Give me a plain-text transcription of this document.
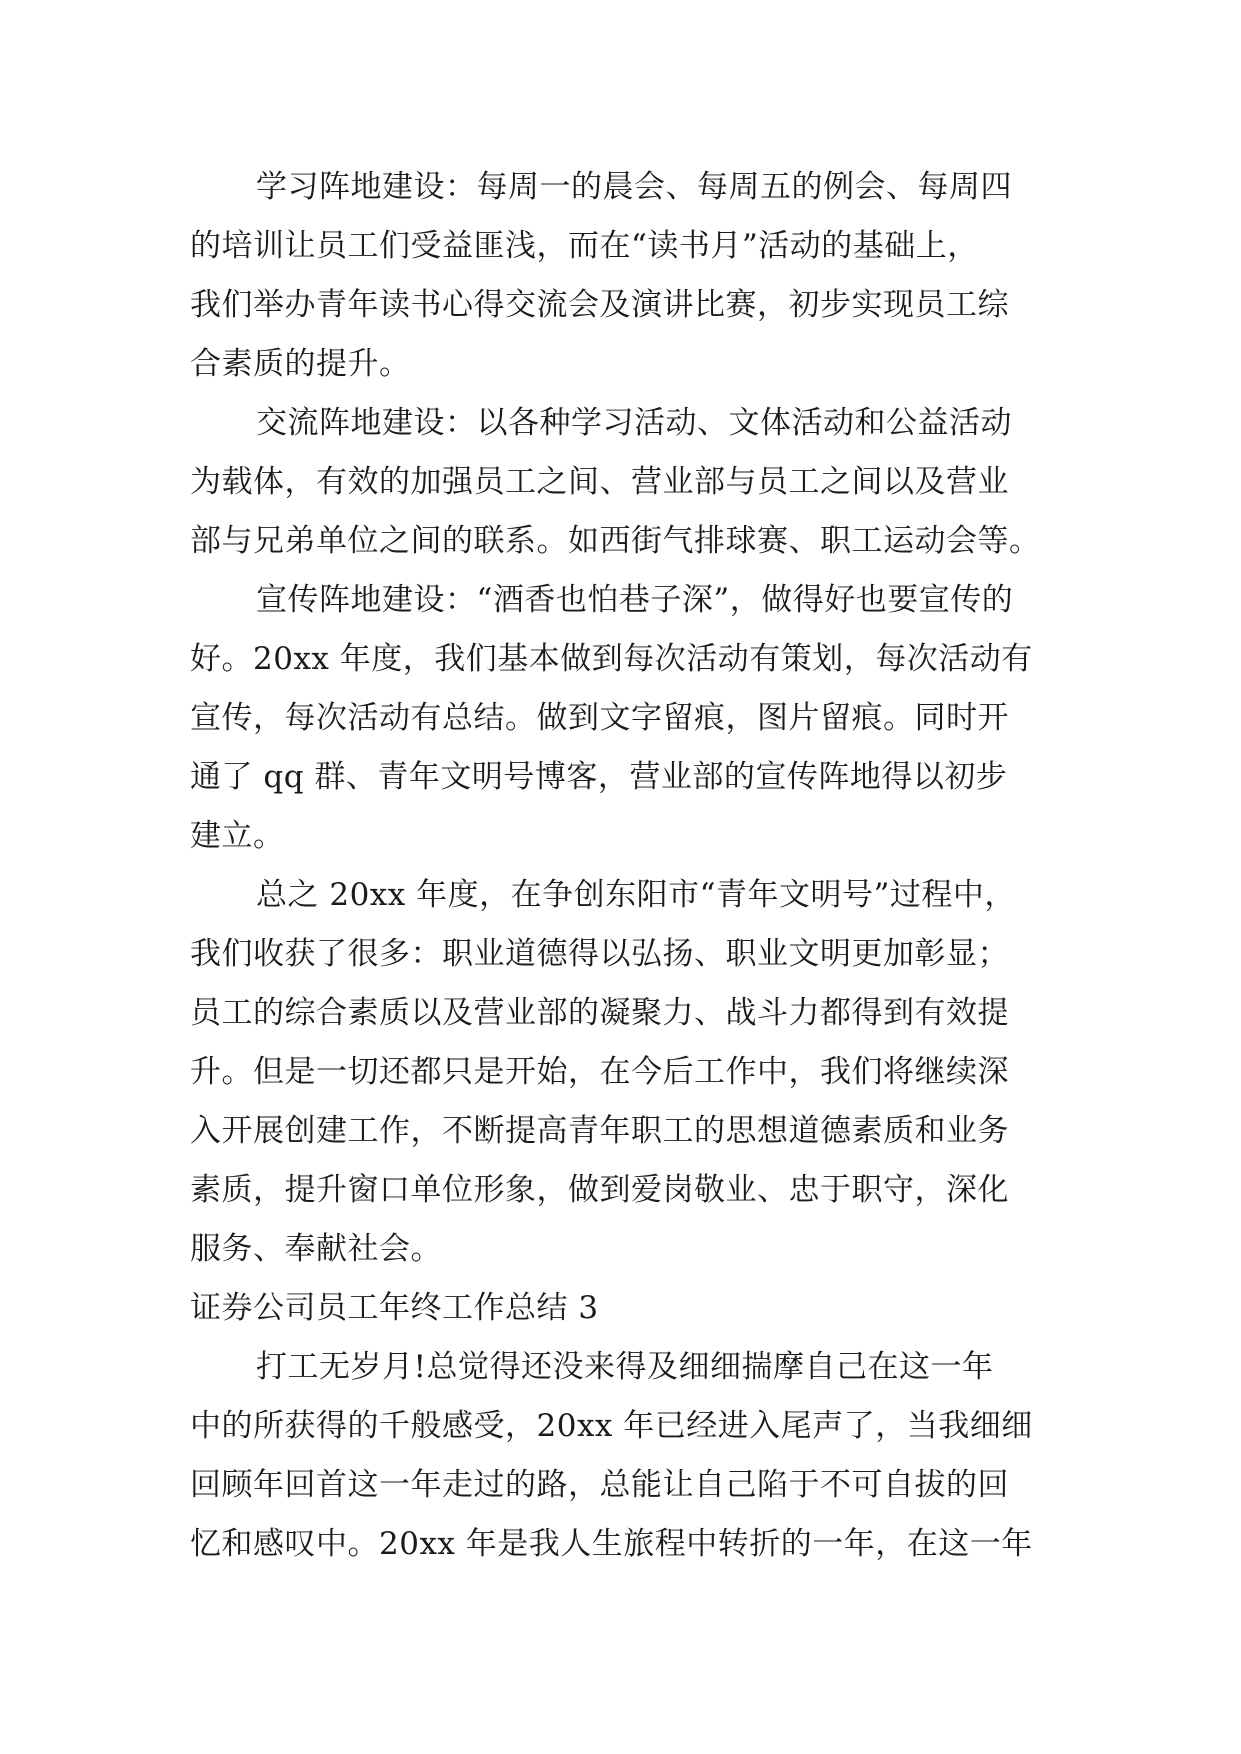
学习阵地建设：每周一的晨会、每周五的例会、每周四
的培训让员工们受益匪浅，而在“读书月”活动的基础上，
我们举办青年读书心得交流会及演讲比赛，初步实现员工综
合素质的提升。
交流阵地建设：以各种学习活动、文体活动和公益活动
为载体，有效的加强员工之间、营业部与员工之间以及营业
部与兄弟单位之间的联系。如西街气排球赛、职工运动会等。
宣传阵地建设：“酒香也怕巷子深”，做得好也要宣传的
好。20xx 年度，我们基本做到每次活动有策划，每次活动有
宣传，每次活动有总结。做到文字留痕，图片留痕。同时开
通了 qq 群、青年文明号博客，营业部的宣传阵地得以初步
建立。
总之 20xx 年度，在争创东阳市“青年文明号”过程中，
我们收获了很多：职业道德得以弘扬、职业文明更加彰显；
员工的综合素质以及营业部的凝聚力、战斗力都得到有效提
升。但是一切还都只是开始，在今后工作中，我们将继续深
入开展创建工作，不断提高青年职工的思想道德素质和业务
素质，提升窗口单位形象，做到爱岗敬业、忠于职守，深化
服务、奉献社会。
证券公司员工年终工作总结 3
打工无岁月!总觉得还没来得及细细揣摩自己在这一年
中的所获得的千般感受，20xx 年已经进入尾声了，当我细细
回顾年回首这一年走过的路，总能让自己陷于不可自拔的回
忆和感叹中。20xx 年是我人生旅程中转折的一年，在这一年
